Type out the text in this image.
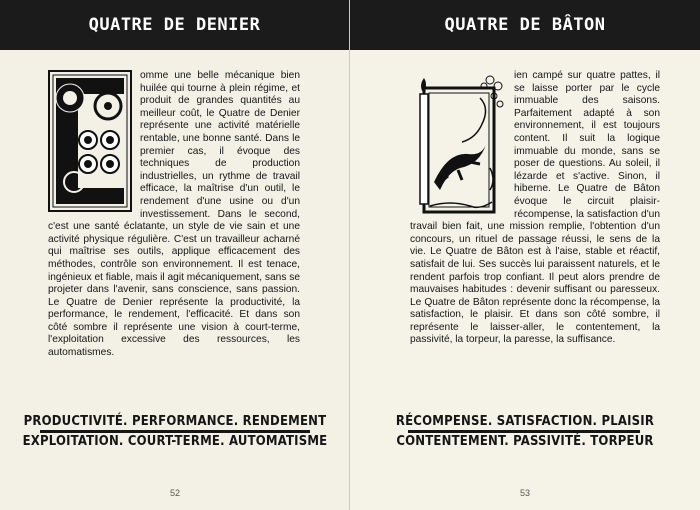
QUATRE DE DENIER
omme une belle mécanique bien huilée qui tourne à plein régime, et produit de grandes quantités au meilleur coût, le Quatre de Denier représente une activité matérielle rentable, une bonne santé. Dans le premier cas, il évoque des techniques de production industrielles, un rythme de travail efficace, la maîtrise d'un outil, le rendement d'une usine ou d'un investissement. Dans le second, c'est une santé éclatante, un style de vie sain et une activité physique régulière. C'est un travailleur acharné qui maîtrise ses outils, applique efficacement des méthodes, contrôle son environnement. Il est tenace, ingénieux et fiable, mais il agit mécaniquement, sans se projeter dans l'avenir, sans conscience, sans passion. Le Quatre de Denier représente la productivité, la performance, le rendement, l'efficacité. Et dans son côté sombre il représente une vision à court-terme, l'exploitation excessive des ressources, les automatismes.
PRODUCTIVITÉ. PERFORMANCE. RENDEMENT
EXPLOITATION. COURT-TERME. AUTOMATISME
52
QUATRE DE BÂTON
ien campé sur quatre pattes, il se laisse porter par le cycle immuable des saisons. Parfaitement adapté à son environnement, il est toujours content. Il suit la logique immuable du monde, sans se poser de questions. Au soleil, il lézarde et s'active. Sinon, il hiberne. Le Quatre de Bâton évoque le circuit plaisir-récompense, la satisfaction d'un travail bien fait, une mission remplie, l'obtention d'un concours, un rituel de passage réussi, le sens de la vie. Le Quatre de Bâton est à l'aise, stable et réactif, satisfait de lui. Ses succès lui paraissent naturels, et le rendent parfois trop confiant. Il peut alors prendre de mauvaises habitudes : devenir suffisant ou paresseux. Le Quatre de Bâton représente donc la récompense, la satisfaction, le plaisir. Et dans son côté sombre, il représente le laisser-aller, le contentement, la passivité, la torpeur, la paresse, la suffisance.
RÉCOMPENSE. SATISFACTION. PLAISIR
CONTENTEMENT. PASSIVITÉ. TORPEUR
53
